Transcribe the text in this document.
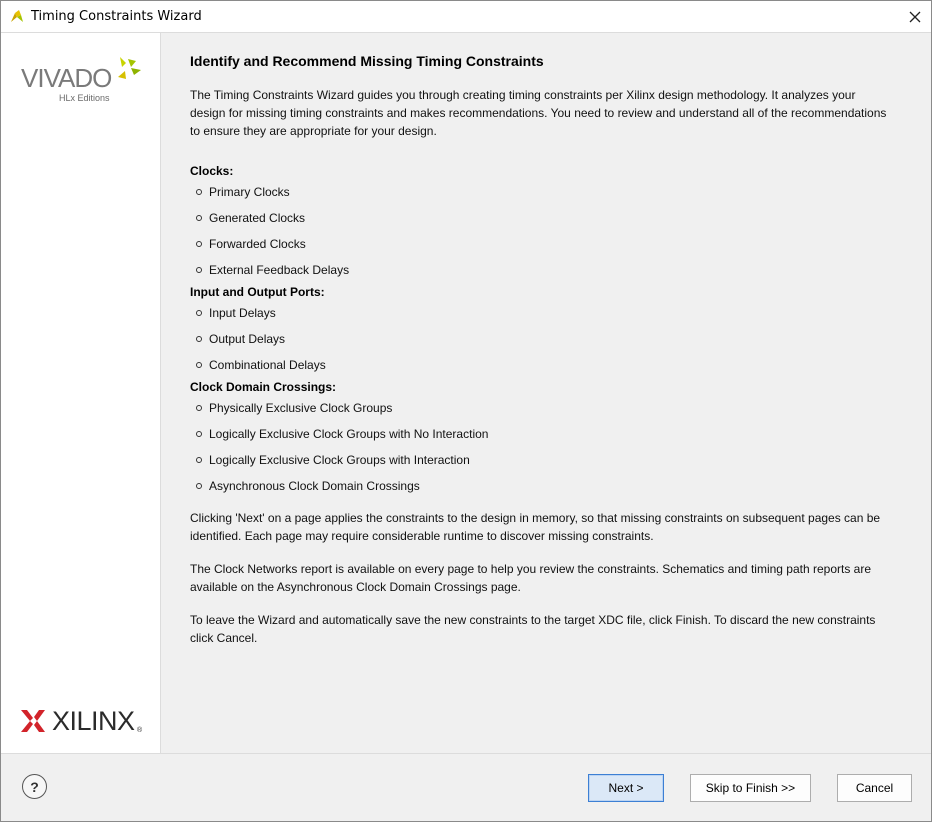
Timing Constraints Wizard
VIVADO
HLx Editions
XILINX ®
Identify and Recommend Missing Timing Constraints
The Timing Constraints Wizard guides you through creating timing constraints per Xilinx design methodology. It analyzes your design for missing timing constraints and makes recommendations. You need to review and understand all of the recommendations to ensure they are appropriate for your design.
Clocks:
Primary Clocks
Generated Clocks
Forwarded Clocks
External Feedback Delays
Input and Output Ports:
Input Delays
Output Delays
Combinational Delays
Clock Domain Crossings:
Physically Exclusive Clock Groups
Logically Exclusive Clock Groups with No Interaction
Logically Exclusive Clock Groups with Interaction
Asynchronous Clock Domain Crossings
Clicking 'Next' on a page applies the constraints to the design in memory, so that missing constraints on subsequent pages can be identified. Each page may require considerable runtime to discover missing constraints.
The Clock Networks report is available on every page to help you review the constraints. Schematics and timing path reports are available on the Asynchronous Clock Domain Crossings page.
To leave the Wizard and automatically save the new constraints to the target XDC file, click Finish. To discard the new constraints click Cancel.
?	Next >	Skip to Finish >>	Cancel
